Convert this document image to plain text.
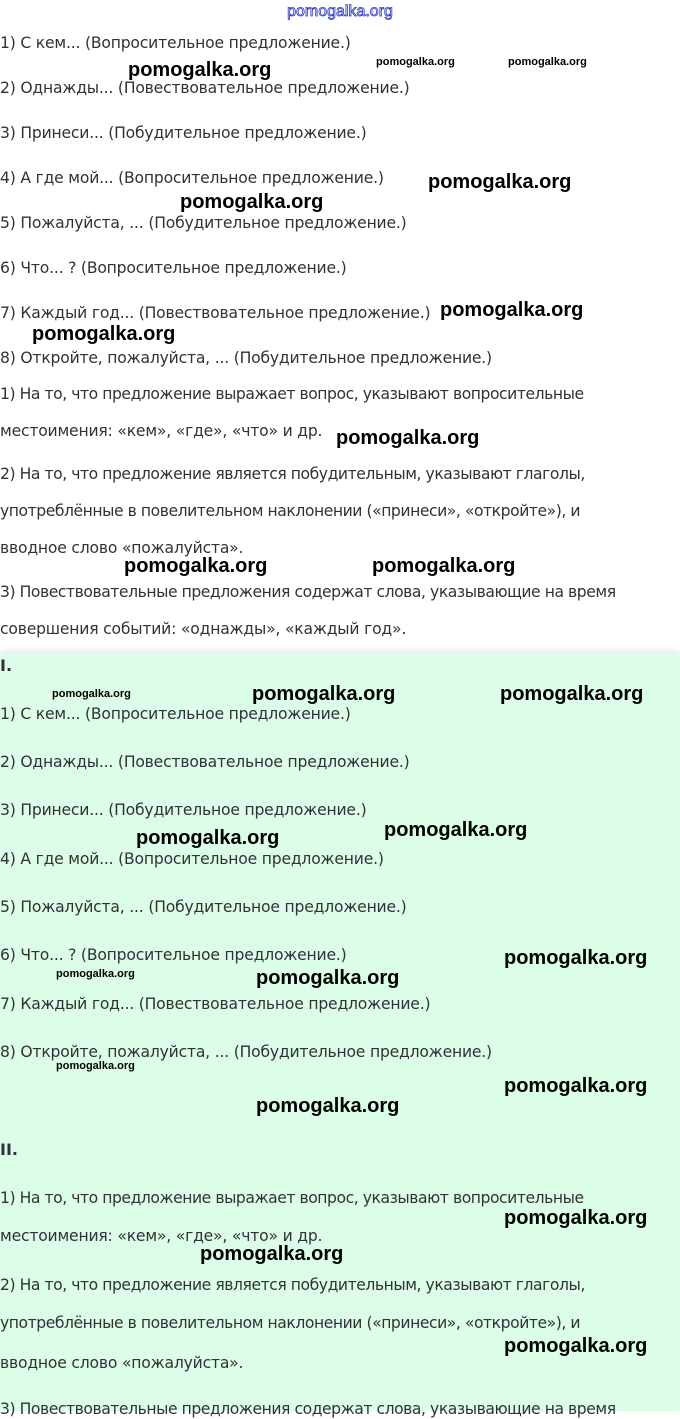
1) С кем... (Вопросительное предложение.)
2) Однажды... (Повествовательное предложение.)
3) Принеси... (Побудительное предложение.)
4) А где мой... (Вопросительное предложение.)
5) Пожалуйста, ... (Побудительное предложение.)
6) Что... ? (Вопросительное предложение.)
7) Каждый год... (Повествовательное предложение.)
8) Откройте, пожалуйста, ... (Побудительное предложение.)
1) На то, что предложение выражает вопрос, указывают вопросительные
местоимения: «кем», «где», «что» и др.
2) На то, что предложение является побудительным, указывают глаголы,
употреблённые в повелительном наклонении («принеси», «откройте»), и
вводное слово «пожалуйста».
3) Повествовательные предложения содержат слова, указывающие на время
совершения событий: «однажды», «каждый год».
I.
1) С кем... (Вопросительное предложение.)
2) Однажды... (Повествовательное предложение.)
3) Принеси... (Побудительное предложение.)
4) А где мой... (Вопросительное предложение.)
5) Пожалуйста, ... (Побудительное предложение.)
6) Что... ? (Вопросительное предложение.)
7) Каждый год... (Повествовательное предложение.)
8) Откройте, пожалуйста, ... (Побудительное предложение.)
II.
1) На то, что предложение выражает вопрос, указывают вопросительные
местоимения: «кем», «где», «что» и др.
2) На то, что предложение является побудительным, указывают глаголы,
употреблённые в повелительном наклонении («принеси», «откройте»), и
вводное слово «пожалуйста».
3) Повествовательные предложения содержат слова, указывающие на время
pomogalka.org
pomogalka.org	pomogalka.org	pomogalka.org
pomogalka.org
pomogalka.org
pomogalka.org
pomogalka.org
pomogalka.org
pomogalka.org	pomogalka.org
pomogalka.org	pomogalka.org	pomogalka.org
pomogalka.org
pomogalka.org
pomogalka.org
pomogalka.org	pomogalka.org
pomogalka.org
pomogalka.org
pomogalka.org
pomogalka.org
pomogalka.org
pomogalka.org
